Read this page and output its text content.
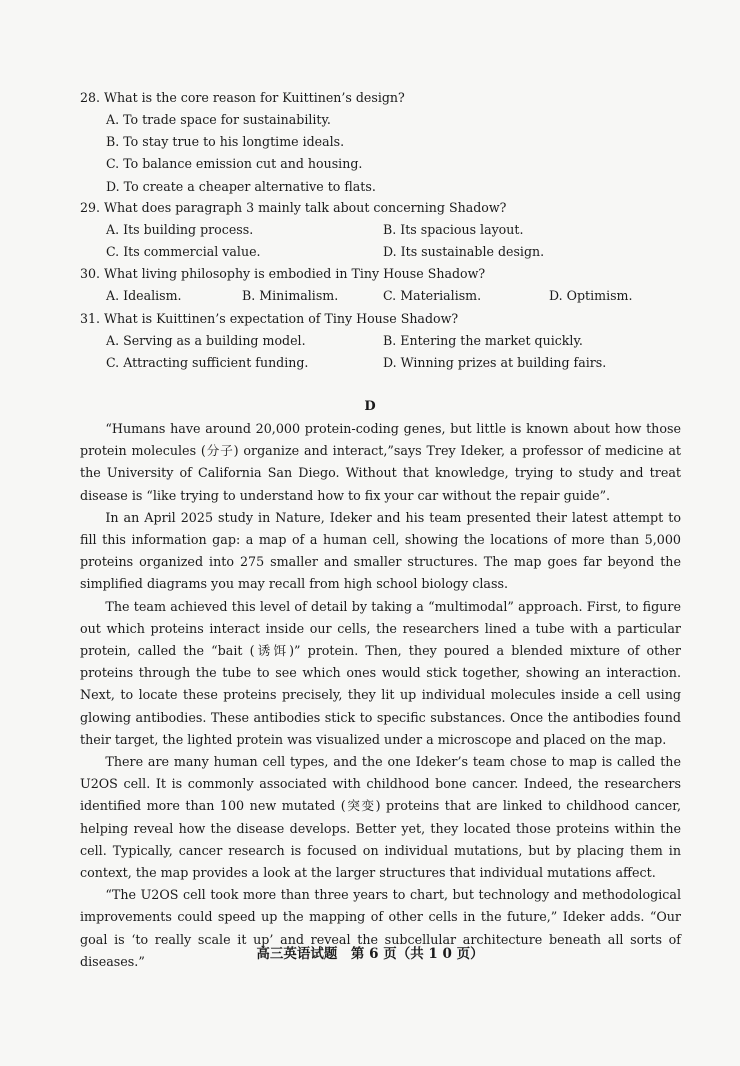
28. What is the core reason for Kuittinen’s design?
A. To trade space for sustainability.
B. To stay true to his longtime ideals.
C. To balance emission cut and housing.
D. To create a cheaper alternative to flats.
29. What does paragraph 3 mainly talk about concerning Shadow?
A. Its building process.	B. Its spacious layout.
C. Its commercial value.	D. Its sustainable design.
30. What living philosophy is embodied in Tiny House Shadow?
A. Idealism.	B. Minimalism.	C. Materialism.	D. Optimism.
31. What is Kuittinen’s expectation of Tiny House Shadow?
A. Serving as a building model.	B. Entering the market quickly.
C. Attracting sufficient funding.	D. Winning prizes at building fairs.
D

“Humans have around 20,000 protein-coding genes, but little is known about how those protein molecules (分子) organize and interact,”says Trey Ideker, a professor of medicine at the University of California San Diego. Without that knowledge, trying to study and treat disease is “like trying to understand how to fix your car without the repair guide”.

In an April 2025 study in Nature, Ideker and his team presented their latest attempt to fill this information gap: a map of a human cell, showing the locations of more than 5,000 proteins organized into 275 smaller and smaller structures. The map goes far beyond the simplified diagrams you may recall from high school biology class.

The team achieved this level of detail by taking a “multimodal” approach. First, to figure out which proteins interact inside our cells, the researchers lined a tube with a particular protein, called the “bait (诱饵)” protein. Then, they poured a blended mixture of other proteins through the tube to see which ones would stick together, showing an interaction. Next, to locate these proteins precisely, they lit up individual molecules inside a cell using glowing antibodies. These antibodies stick to specific substances. Once the antibodies found their target, the lighted protein was visualized under a microscope and placed on the map.

There are many human cell types, and the one Ideker’s team chose to map is called the U2OS cell. It is commonly associated with childhood bone cancer. Indeed, the researchers identified more than 100 new mutated (突变) proteins that are linked to childhood cancer, helping reveal how the disease develops. Better yet, they located those proteins within the cell. Typically, cancer research is focused on individual mutations, but by placing them in context, the map provides a look at the larger structures that individual mutations affect.

“The U2OS cell took more than three years to chart, but technology and methodological improvements could speed up the mapping of other cells in the future,” Ideker adds. “Our goal is ‘to really scale it up’ and reveal the subcellular architecture beneath all sorts of diseases.”	高三英语试题　第 6 页（共 1 0 页）
